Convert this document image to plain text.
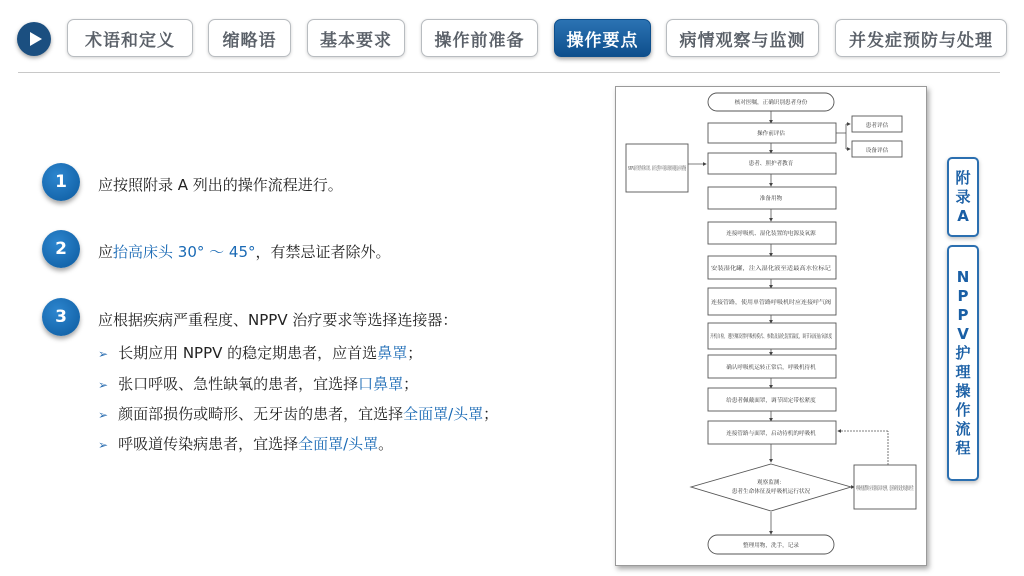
术语和定义	缩略语	基本要求	操作前准备	操作要点	病情观察与监测	并发症预防与处理
1	应按照附录 A 列出的操作流程进行。
2	应抬高床头 30° ～ 45°，有禁忌证者除外。
3	应根据疾病严重程度、NPPV 治疗要求等选择连接器：
➢ 长期应用 NPPV 的稳定期患者，应首选鼻罩；
➢ 张口呼吸、急性缺氧的患者，宜选择口鼻罩；
➢ 颜面部损伤或畸形、无牙齿的患者，宜选择全面罩/头罩；
➢ 呼吸道传染病患者，宜选择全面罩/头罩。
核对医嘱，正确识别患者身份
操作前评估
患者、照护者教育
准备用物
连接呼吸机、湿化装置的电源及氧源
安装湿化罐，注入湿化液至适最高水位标记
连接管路，使用单管路呼吸机时应连接呼气阀
开机自检，遵医嘱设置呼吸机模式、参数及湿化装置温度，调节氧流量/氧浓度
确认呼吸机运转正常后，呼吸机待机
给患者佩戴面罩，调节固定带松紧度
连接管路与面罩，启动待机的呼吸机
观察监测：
患者生命体征及呼吸机运行状况
整理用物，洗手，记录
患者评估
设备评估
呼吸机报警时应识别原因并处理，患者病情变化时通知医生
附
录
A
N
P
P
V
护
理
操
作
流
程
